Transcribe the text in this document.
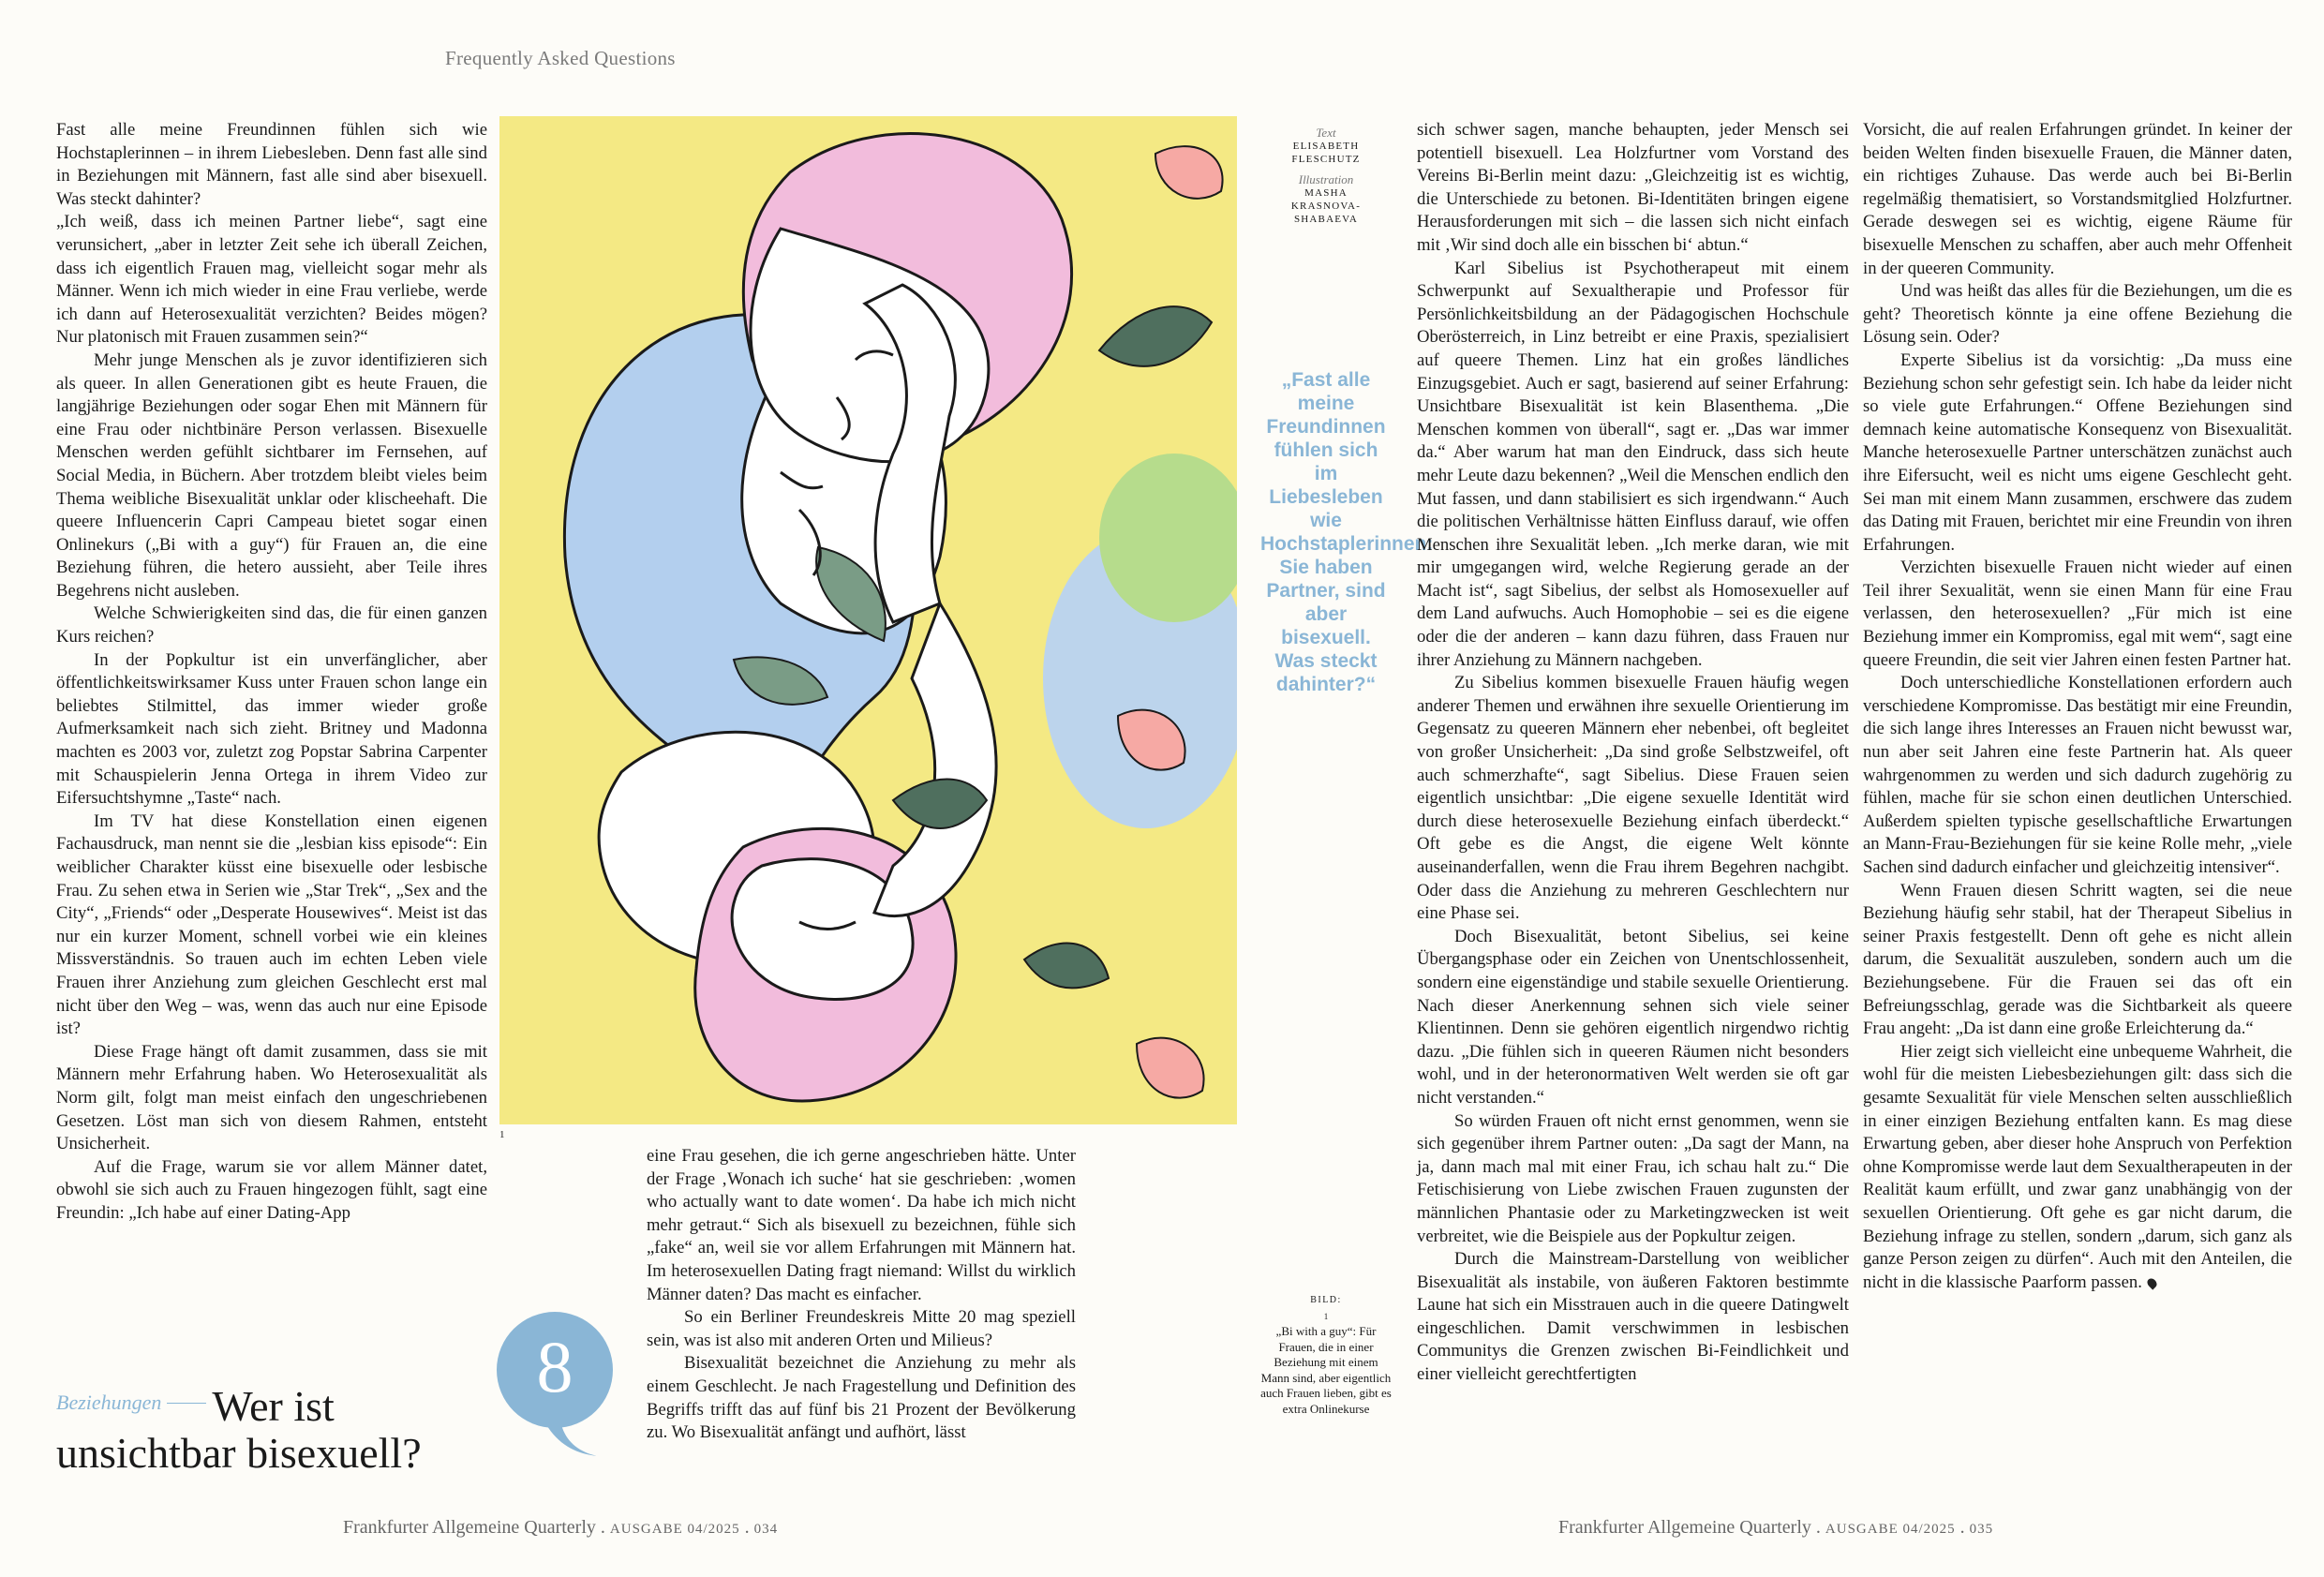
Frequently Asked Questions

Fast alle meine Freundinnen fühlen sich wie Hochstaplerinnen – in ihrem Liebesleben. Denn fast alle sind in Beziehungen mit Männern, fast alle sind aber bisexuell. Was steckt dahinter?

„Ich weiß, dass ich meinen Partner liebe“, sagt eine verunsichert, „aber in letzter Zeit sehe ich überall Zeichen, dass ich eigentlich Frauen mag, vielleicht sogar mehr als Männer. Wenn ich mich wieder in eine Frau verliebe, werde ich dann auf Heterosexualität verzichten? Beides mögen? Nur platonisch mit Frauen zusammen sein?“

Mehr junge Menschen als je zuvor identifizieren sich als queer. In allen Generationen gibt es heute Frauen, die langjährige Beziehungen oder sogar Ehen mit Männern für eine Frau oder nichtbinäre Person verlassen. Bisexuelle Menschen werden gefühlt sichtbarer im Fernsehen, auf Social Media, in Büchern. Aber trotzdem bleibt vieles beim Thema weibliche Bisexualität unklar oder klischeehaft. Die queere Influencerin Capri Campeau bietet sogar einen Onlinekurs („Bi with a guy“) für Frauen an, die eine Beziehung führen, die hetero aussieht, aber Teile ihres Begehrens nicht ausleben.

Welche Schwierigkeiten sind das, die für einen ganzen Kurs reichen?

In der Popkultur ist ein unverfänglicher, aber öffentlichkeitswirksamer Kuss unter Frauen schon lange ein beliebtes Stilmittel, das immer wieder große Aufmerksamkeit nach sich zieht. Britney und Madonna machten es 2003 vor, zuletzt zog Popstar Sabrina Carpenter mit Schauspielerin Jenna Ortega in ihrem Video zur Eifersuchtshymne „Taste“ nach.

Im TV hat diese Konstellation einen eigenen Fachausdruck, man nennt sie die „lesbian kiss episode“: Ein weiblicher Charakter küsst eine bisexuelle oder lesbische Frau. Zu sehen etwa in Serien wie „Star Trek“, „Sex and the City“, „Friends“ oder „Desperate Housewives“. Meist ist das nur ein kurzer Moment, schnell vorbei wie ein kleines Missverständnis. So trauen auch im echten Leben viele Frauen ihrer Anziehung zum gleichen Geschlecht erst mal nicht über den Weg – was, wenn das auch nur eine Episode ist?

Diese Frage hängt oft damit zusammen, dass sie mit Männern mehr Erfahrung haben. Wo Heterosexualität als Norm gilt, folgt man meist einfach den ungeschriebenen Gesetzen. Löst man sich von diesem Rahmen, entsteht Unsicherheit.

Auf die Frage, warum sie vor allem Männer datet, obwohl sie sich auch zu Frauen hingezogen fühlt, sagt eine Freundin: „Ich habe auf einer Dating-App

1
Text
ELISABETH
FLESCHUTZ
Illustration
MASHA
KRASNOVA-
SHABAEVA
„Fast alle meine Freundinnen fühlen sich im Liebesleben wie Hochstaplerinnen: Sie haben Partner, sind aber bisexuell. Was steckt dahinter?“
BILD:
1
„Bi with a guy“: Für Frauen, die in einer Beziehung mit einem Mann sind, aber eigentlich auch Frauen lieben, gibt es extra Onlinekurse

eine Frau gesehen, die ich gerne angeschrieben hätte. Unter der Frage ‚Wonach ich suche‘ hat sie geschrieben: ‚women who actually want to date women‘. Da habe ich mich nicht mehr getraut.“ Sich als bisexuell zu bezeichnen, fühle sich „fake“ an, weil sie vor allem Erfahrungen mit Männern hat. Im heterosexuellen Dating fragt niemand: Willst du wirklich Männer daten? Das macht es einfacher.

So ein Berliner Freundeskreis Mitte 20 mag speziell sein, was ist also mit anderen Orten und Milieus?

Bisexualität bezeichnet die Anziehung zu mehr als einem Geschlecht. Je nach Fragestellung und Definition des Begriffs trifft das auf fünf bis 21 Prozent der Bevölkerung zu. Wo Bisexualität anfängt und aufhört, lässt

8
Beziehungen Wer ist
unsichtbar bisexuell?

sich schwer sagen, manche behaupten, jeder Mensch sei potentiell bisexuell. Lea Holzfurtner vom Vorstand des Vereins Bi-Berlin meint dazu: „Gleichzeitig ist es wichtig, die Unterschiede zu betonen. Bi-Identitäten bringen eigene Herausforderungen mit sich – die lassen sich nicht einfach mit ‚Wir sind doch alle ein bisschen bi‘ abtun.“

Karl Sibelius ist Psychotherapeut mit einem Schwerpunkt auf Sexualtherapie und Professor für Persönlichkeitsbildung an der Pädagogischen Hochschule Oberösterreich, in Linz betreibt er eine Praxis, spezialisiert auf queere Themen. Linz hat ein großes ländliches Einzugsgebiet. Auch er sagt, basierend auf seiner Erfahrung: Unsichtbare Bisexualität ist kein Blasenthema. „Die Menschen kommen von überall“, sagt er. „Das war immer da.“ Aber warum hat man den Eindruck, dass sich heute mehr Leute dazu bekennen? „Weil die Menschen endlich den Mut fassen, und dann stabilisiert es sich irgendwann.“ Auch die politischen Verhältnisse hätten Einfluss darauf, wie offen Menschen ihre Sexualität leben. „Ich merke daran, wie mit mir umgegangen wird, welche Regierung gerade an der Macht ist“, sagt Sibelius, der selbst als Homosexueller auf dem Land aufwuchs. Auch Homophobie – sei es die eigene oder die der anderen – kann dazu führen, dass Frauen nur ihrer Anziehung zu Männern nachgeben.

Zu Sibelius kommen bisexuelle Frauen häufig wegen anderer Themen und erwähnen ihre sexuelle Orientierung im Gegensatz zu queeren Männern eher nebenbei, oft begleitet von großer Unsicherheit: „Da sind große Selbstzweifel, oft auch schmerzhafte“, sagt Sibelius. Diese Frauen seien eigentlich unsichtbar: „Die eigene sexuelle Identität wird durch diese heterosexuelle Beziehung einfach überdeckt.“ Oft gebe es die Angst, die eigene Welt könnte auseinanderfallen, wenn die Frau ihrem Begehren nachgibt. Oder dass die Anziehung zu mehreren Geschlechtern nur eine Phase sei.

Doch Bisexualität, betont Sibelius, sei keine Übergangsphase oder ein Zeichen von Unentschlossenheit, sondern eine eigenständige und stabile sexuelle Orientierung. Nach dieser Anerkennung sehnen sich viele seiner Klientinnen. Denn sie gehören eigentlich nirgendwo richtig dazu. „Die fühlen sich in queeren Räumen nicht besonders wohl, und in der heteronormativen Welt werden sie oft gar nicht verstanden.“

So würden Frauen oft nicht ernst genommen, wenn sie sich gegenüber ihrem Partner outen: „Da sagt der Mann, na ja, dann mach mal mit einer Frau, ich schau halt zu.“ Die Fetischisierung von Liebe zwischen Frauen zugunsten der männlichen Phantasie oder zu Marketingzwecken ist weit verbreitet, wie die Beispiele aus der Popkultur zeigen.

Durch die Mainstream-Darstellung von weiblicher Bisexualität als instabile, von äußeren Faktoren bestimmte Laune hat sich ein Misstrauen auch in die queere Datingwelt eingeschlichen. Damit verschwimmen in lesbischen Communitys die Grenzen zwischen Bi-Feindlichkeit und einer vielleicht gerechtfertigten

Vorsicht, die auf realen Erfahrungen gründet. In keiner der beiden Welten finden bisexuelle Frauen, die Männer daten, ein richtiges Zuhause. Das werde auch bei Bi-Berlin regelmäßig thematisiert, so Vorstandsmitglied Holzfurtner. Gerade deswegen sei es wichtig, eigene Räume für bisexuelle Menschen zu schaffen, aber auch mehr Offenheit in der queeren Community.

Und was heißt das alles für die Beziehungen, um die es geht? Theoretisch könnte ja eine offene Beziehung die Lösung sein. Oder?

Experte Sibelius ist da vorsichtig: „Da muss eine Beziehung schon sehr gefestigt sein. Ich habe da leider nicht so viele gute Erfahrungen.“ Offene Beziehungen sind demnach keine automatische Konsequenz von Bisexualität. Manche heterosexuelle Partner unterschätzen zunächst auch ihre Eifersucht, weil es nicht ums eigene Geschlecht geht. Sei man mit einem Mann zusammen, erschwere das zudem das Dating mit Frauen, berichtet mir eine Freundin von ihren Erfahrungen.

Verzichten bisexuelle Frauen nicht wieder auf einen Teil ihrer Sexualität, wenn sie einen Mann für eine Frau verlassen, den heterosexuellen? „Für mich ist eine Beziehung immer ein Kompromiss, egal mit wem“, sagt eine queere Freundin, die seit vier Jahren einen festen Partner hat.

Doch unterschiedliche Konstellationen erfordern auch verschiedene Kompromisse. Das bestätigt mir eine Freundin, die sich lange ihres Interesses an Frauen nicht bewusst war, nun aber seit Jahren eine feste Partnerin hat. Als queer wahrgenommen zu werden und sich dadurch zugehörig zu fühlen, mache für sie schon einen deutlichen Unterschied. Außerdem spielten typische gesellschaftliche Erwartungen an Mann-Frau-Beziehungen für sie keine Rolle mehr, „viele Sachen sind dadurch einfacher und gleichzeitig intensiver“.

Wenn Frauen diesen Schritt wagten, sei die neue Beziehung häufig sehr stabil, hat der Therapeut Sibelius in seiner Praxis festgestellt. Denn oft gehe es nicht allein darum, die Sexualität auszuleben, sondern auch um die Beziehungsebene. Für die Frauen sei das oft ein Befreiungsschlag, gerade was die Sichtbarkeit als queere Frau angeht: „Da ist dann eine große Erleichterung da.“

Hier zeigt sich vielleicht eine unbequeme Wahrheit, die wohl für die meisten Liebesbeziehungen gilt: dass sich die gesamte Sexualität für viele Menschen selten ausschließlich in einer einzigen Beziehung entfalten kann. Es mag diese Erwartung geben, aber dieser hohe Anspruch von Perfektion ohne Kompromisse werde laut dem Sexualtherapeuten in der Realität kaum erfüllt, und zwar ganz unabhängig von der sexuellen Orientierung. Oft gehe es gar nicht darum, die Beziehung infrage zu stellen, sondern „darum, sich ganz als ganze Person zeigen zu dürfen“. Auch mit den Anteilen, die nicht in die klassische Paarform passen.

Frankfurter Allgemeine Quarterly . AUSGABE 04/2025 . 034	Frankfurter Allgemeine Quarterly . AUSGABE 04/2025 . 035
